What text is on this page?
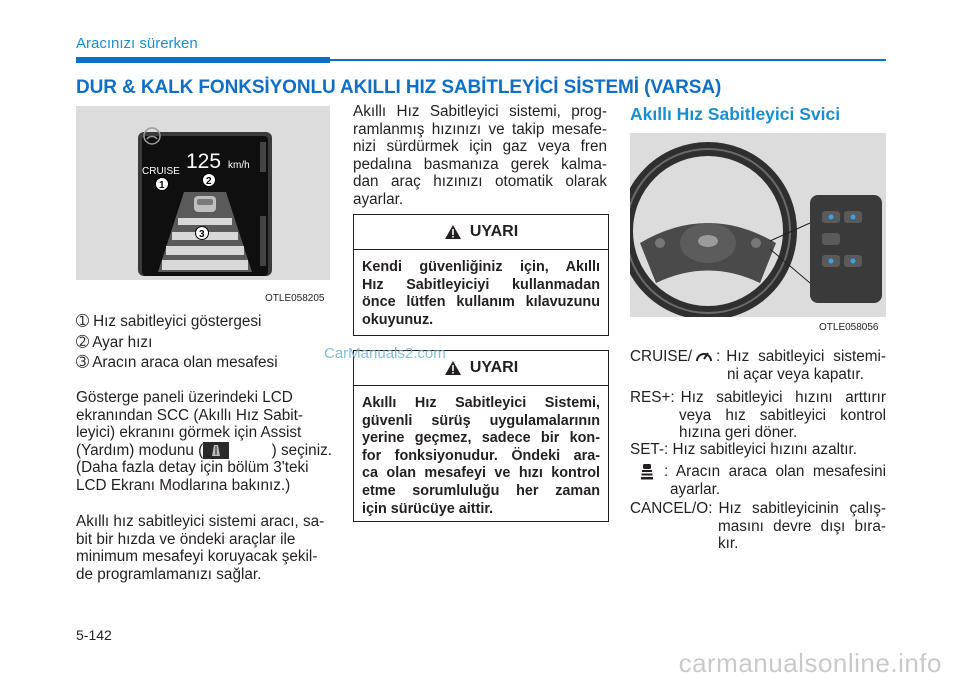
Aracınızı sürerken
DUR & KALK FONKSİYONLU AKILLI HIZ SABİTLEYİCİ SİSTEMİ (VARSA)
CRUISE 125 km/h
1	2
3
OTLE058205
➀ Hız sabitleyici göstergesi
➁ Ayar hızı
➂ Aracın araca olan mesafesi
Gösterge paneli üzerindeki LCD
ekranından SCC (Akıllı Hız Sabit-
leyici) ekranını görmek için Assist
(Yardım) modunu (	) seçiniz.
(Daha fazla detay için bölüm 3'teki
LCD Ekranı Modlarına bakınız.)
Akıllı hız sabitleyici sistemi aracı, sa-
bit bir hızda ve öndeki araçlar ile
minimum mesafeyi koruyacak şekil-
de programlamanızı sağlar.
Akıllı Hız Sabitleyici sistemi, prog-
ramlanmış hızınızı ve takip mesafe-
nizi sürdürmek için gaz veya fren
pedalına basmanıza gerek kalma-
dan araç hızınızı otomatik olarak
ayarlar.
UYARI
Kendi güvenliğiniz için, Akıllı
Hız Sabitleyiciyi kullanmadan
önce lütfen kullanım kılavuzunu
okuyunuz.
UYARI
Akıllı Hız Sabitleyici Sistemi,
güvenli sürüş uygulamalarının
yerine geçmez, sadece bir kon-
for fonksiyonudur. Öndeki ara-
ca olan mesafeyi ve hızı kontrol
etme sorumluluğu her zaman
için sürücüye aittir.
Akıllı Hız Sabitleyici Svici
OTLE058056
CRUISE/ : Hız sabitleyici sistemi-
ni açar veya kapatır.
RES+: Hız sabitleyici hızını arttırır
veya hız sabitleyici kontrol
hızına geri döner.
SET-: Hız sabitleyici hızını azaltır.
: Aracın araca olan mesafesini
ayarlar.
CANCEL/O: Hız sabitleyicinin çalış-
masını devre dışı bıra-
kır.
5-142
CarManuals2.com
carmanualsonline.info
